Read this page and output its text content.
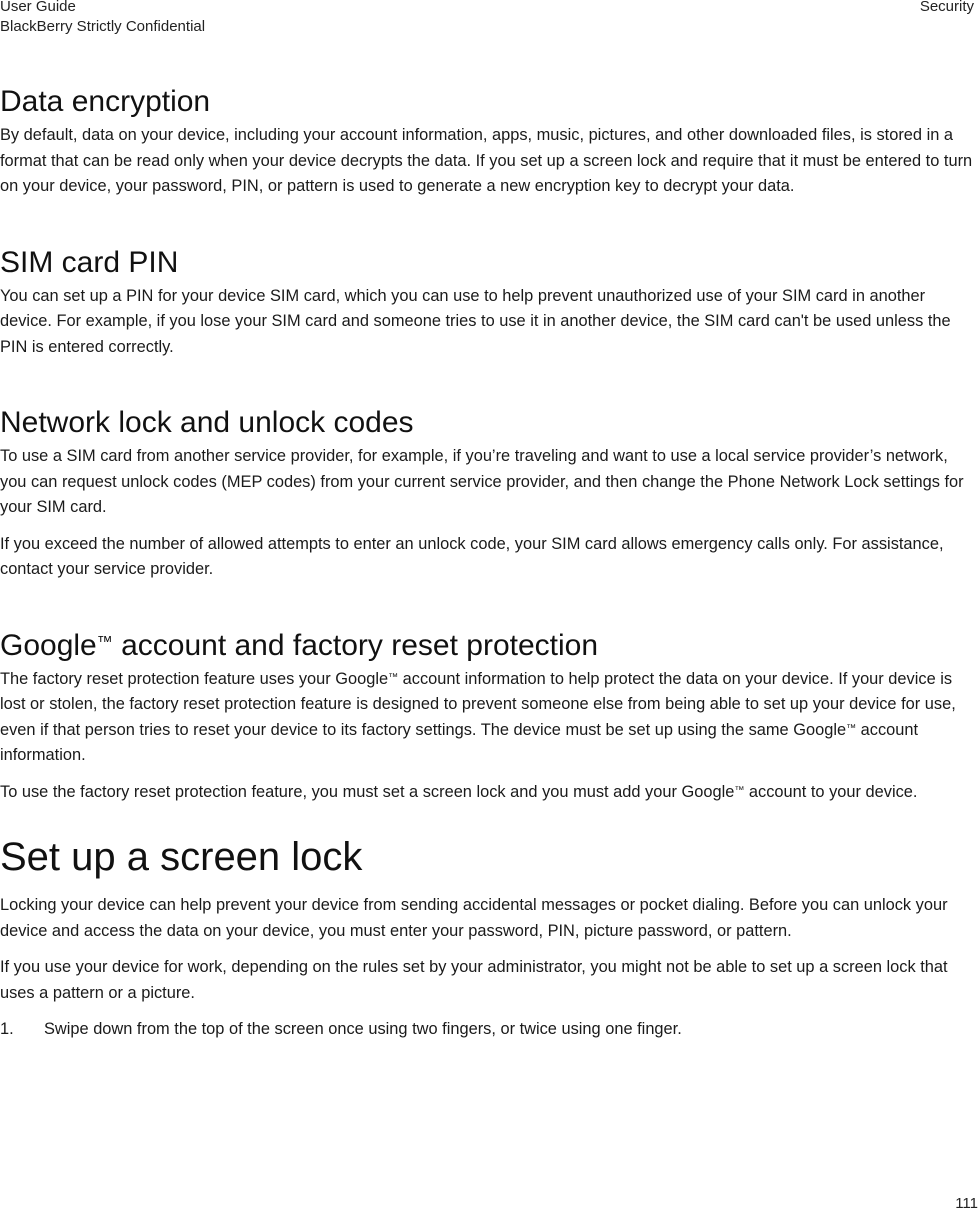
User Guide
BlackBerry Strictly Confidential
Security
Data encryption

By default, data on your device, including your account information, apps, music, pictures, and other downloaded files, is stored in a format that can be read only when your device decrypts the data. If you set up a screen lock and require that it must be entered to turn on your device, your password, PIN, or pattern is used to generate a new encryption key to decrypt your data.

SIM card PIN

You can set up a PIN for your device SIM card, which you can use to help prevent unauthorized use of your SIM card in another device. For example, if you lose your SIM card and someone tries to use it in another device, the SIM card can't be used unless the PIN is entered correctly.

Network lock and unlock codes

To use a SIM card from another service provider, for example, if you’re traveling and want to use a local service provider’s network, you can request unlock codes (MEP codes) from your current service provider, and then change the Phone Network Lock settings for your SIM card.

If you exceed the number of allowed attempts to enter an unlock code, your SIM card allows emergency calls only. For assistance, contact your service provider.

Google™ account and factory reset protection

The factory reset protection feature uses your Google™ account information to help protect the data on your device. If your device is lost or stolen, the factory reset protection feature is designed to prevent someone else from being able to set up your device for use, even if that person tries to reset your device to its factory settings. The device must be set up using the same Google™ account information.

To use the factory reset protection feature, you must set a screen lock and you must add your Google™ account to your device.

Set up a screen lock

Locking your device can help prevent your device from sending accidental messages or pocket dialing. Before you can unlock your device and access the data on your device, you must enter your password, PIN, picture password, or pattern.

If you use your device for work, depending on the rules set by your administrator, you might not be able to set up a screen lock that uses a pattern or a picture.

1.	Swipe down from the top of the screen once using two fingers, or twice using one finger.
111
